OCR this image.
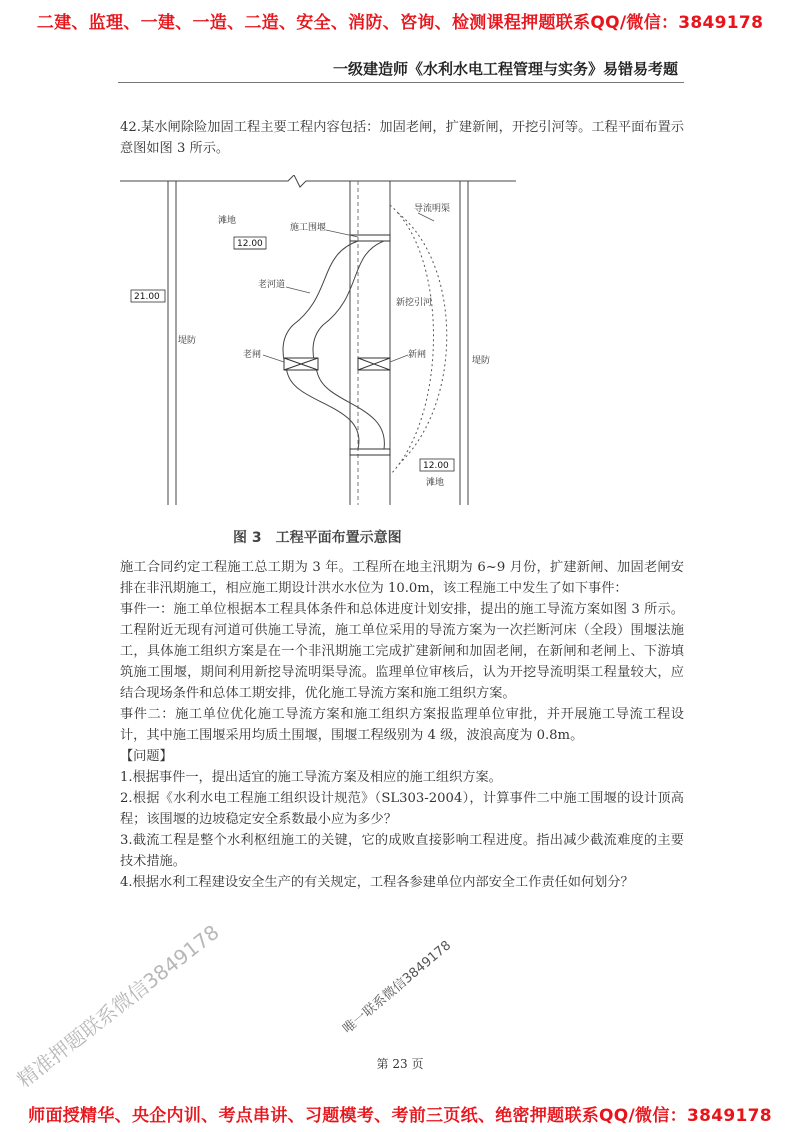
二建、监理、一建、一造、二造、安全、消防、咨询、检测课程押题联系QQ/微信：3849178
一级建造师《水利水电工程管理与实务》易错易考题
42.某水闸除险加固工程主要工程内容包括：加固老闸，扩建新闸，开挖引河等。工程平面布置示意图如图 3 所示。
滩地
施工围堰
导流明渠
老河道
新挖引河
堤防
堤防
老闸	新闸
滩地
12.00
21.00
12.00
图 3　工程平面布置示意图
施工合同约定工程施工总工期为 3 年。工程所在地主汛期为 6~9 月份，扩建新闸、加固老闸安排在非汛期施工，相应施工期设计洪水水位为 10.0m，该工程施工中发生了如下事件：
事件一：施工单位根据本工程具体条件和总体进度计划安排，提出的施工导流方案如图 3 所示。工程附近无现有河道可供施工导流，施工单位采用的导流方案为一次拦断河床（全段）围堰法施工，具体施工组织方案是在一个非汛期施工完成扩建新闸和加固老闸，在新闸和老闸上、下游填筑施工围堰，期间利用新挖导流明渠导流。监理单位审核后，认为开挖导流明渠工程量较大，应结合现场条件和总体工期安排，优化施工导流方案和施工组织方案。
事件二：施工单位优化施工导流方案和施工组织方案报监理单位审批，并开展施工导流工程设计，其中施工围堰采用均质土围堰，围堰工程级别为 4 级，波浪高度为 0.8m。
【问题】
1.根据事件一，提出适宜的施工导流方案及相应的施工组织方案。
2.根据《水利水电工程施工组织设计规范》（SL303-2004），计算事件二中施工围堰的设计顶高程；该围堰的边坡稳定安全系数最小应为多少？
3.截流工程是整个水利枢纽施工的关键，它的成败直接影响工程进度。指出减少截流难度的主要技术措施。
4.根据水利工程建设安全生产的有关规定，工程各参建单位内部安全工作责任如何划分？
精准押题联系微信3849178	唯一联系微信3849178
第 23 页
师面授精华、央企内训、考点串讲、习题模考、考前三页纸、绝密押题联系QQ/微信：3849178
